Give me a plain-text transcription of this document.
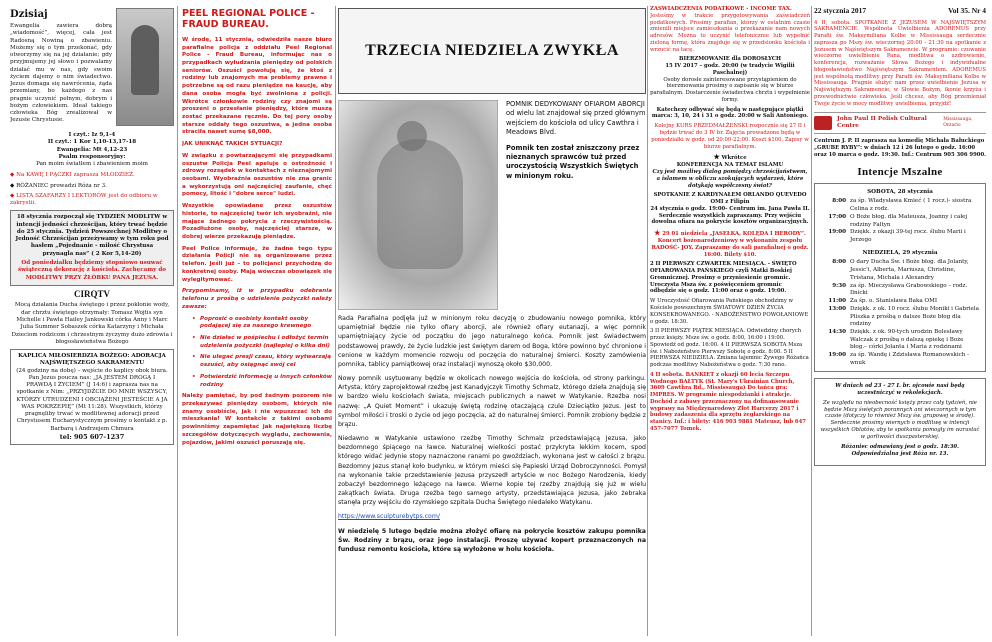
Dzisiaj
Ewangelia zawiera dobrą „wiadomość”, więcej, cała jest Radosną Nowiną o zbawieniu. Możemy się o tym przekonać, gdy otworzymy się na jej działanie; gdy przyjmujemy jej słowo i pozwalamy działać mu w nas, gdy swoim życiem dajemy o nim świadectwo. Jezus domaga się nawrócenia, żąda przemiany, bo każdego z nas pragnie uczynić pełnym, dobrym i bożym człowiekiem. Ideał takiego człowieka Bóg zrealizował w Jezusie Chrystusie.
I czyt.: Iz 9,1-4
II czyt.: 1 Kor 1,10-13,17-18
Ewangelia: Mt 4,12-23
Psalm responsoryjny:
Pan moim światłem i zbawieniem moim

◆ Na KAWĘ I PĄCZKI zaprasza MŁODZIEŻ.

◆ RÓŻANIEC prowadzi Róża nr 3.

◆ LISTA SZAFARZY I LEKTORÓW jest do odbioru w zakrystii.

18 stycznia rozpoczął się TYDZIEŃ MODLITW w intencji jedności chrześcijan, który trwać będzie do 25 stycznia. Tydzień Powszechnej Modlitwy o Jedność Chrześcijan przeżywamy w tym roku pod hasłem „Pojednanie - miłość Chrystusa przynagla nas” ( 2 Kor 5,14-20)
Od poniedziałku będziemy stopniowo usuwać świąteczną dekorację z kościoła. Zachęcamy do MODLITWY PRZY ŻŁÓBKU PANA JEZUSA.
CIRQTV
Mocą działania Ducha świętego i przez pokłonie wody, dar chrztu świętego otrzymały: Tomasz Wojtis syn Michelle i Pawła Hailey Jankowski córka Anny i Marc Julia Summer Sobaszek córka Katarzyny i Michała Dzieciom rodzicom i chrzestnym życzymy dużo zdrowia i błogosławieństwa Bożego
KAPLICA MIŁOSIERDZIA BOŻEGO: ADORACJA NAJŚWIĘTSZEGO SAKRAMENTU
(24 godziny na dobę) – wejście do kaplicy obok biura. Pan Jezus poucza nas: „JA JESTEM DROGĄ I PRAWDĄ I ŻYCIEM” (J 14:6) i zaprasza nas na spotkanie z Nim: „PRZYJDŹCIE DO MNIE WSZYSCY, KTÓRZY UTRUDZENI I OBCIĄŻENI JESTEŚCIE A JA WAS POKRZEPIĘ” (Mt 11:28). Wszystkich, którzy pragnęliby trwać w modlitewnej adoracji przed Chrystusem Eucharystycznym prosimy o kontakt z p. Barbarą i Andrzejem Chmura
tel: 905 607-1237
PEEL REGIONAL POLICE - FRAUD BUREAU.

W środę, 11 stycznia, odwiedziła nasze biuro parafialne policja z oddziału Peel Regional Police - Fraud Bureau, informując nas o przypadkach wyłudzania pieniędzy od polskich seniorów. Oszuści powołują się, że ktoś z rodziny lub znajomych ma problemy prawne i potrzebne są od razu pieniądze na kaucję, aby dana osoba mogła być zwolniona z policji. Wkrótce członkowie rodziny czy znajomi są proszeni o przesłanie pieniędzy, które muszą zostać przekazane ręcznie. Do tej pory osoby starsze oddały tego oszustwa, a jedna osoba straciła nawet sumę $8,000.

JAK UNIKNĄĆ TAKICH SYTUACJI?

W związku z powtarzającymi się przypadkami oszustw Policja Peel apeluje o ostrożność i zdrowy rozsądek w kontaktach z nieznajomymi osobami. Wyobraźnia oszustów nie zna granic a wykorzystują oni najczęściej zaufanie, chęć pomocy, litość i "dobre serce" ludzi.

Wszystkie opowiadane przez oszustów historie, to najczęściej twór ich wyobraźni, nie mające żadnego pokrycia z rzeczywistością. Pozadłużone osoby, najczęściej starsze, w dobrej wierze przekazują pieniądze.

Peel Police informuje, że żadne tego typu działania Policji nie są organizowane przez telefon. Jeśli już – to policjanci przychodzą do konkretnej osoby. Mają wówczas obowiązek się wylegitymować.

Przypominamy, iż w przypadku odebrania telefonu z prośbą o udzielenie pożyczki należy zawsze:

• Poprosić o osobisty kontakt osoby podającej się za naszego krewnego
• Nie działać w pośpiechu i odłożyć termin udzielenia pożyczki (najlepiej o kilka dni)
• Nie ulegać presji czasu, który wytwarzają oszuści, aby osiągnąć swój cel
• Potwierdzić informację u innych członków rodziny

Należy pamiętać, by pod żadnym pozorem nie przekazywać pieniędzy osobom, których nie znamy osobiście, jak i nie wpuszczać ich do mieszkania! W kontakcie z takimi osobami powinniśmy zapamiętać jak największą liczbę szczegółów dotyczących wyglądu, zachowania, pojazdów, jakimi oszuści poruszają się.

TRZECIA NIEDZIELA ZWYKŁA

POMNIK DEDYKOWANY OFIAROM ABORCJI od wielu lat znajdował się przed głównym wejściem do kościoła od ulicy Cawthra i Meadows Blvd.

Pomnik ten został zniszczony przez nieznanych sprawców tuż przed uroczystością Wszystkich Świętych w minionym roku.

Rada Parafialna podjęła już w minionym roku decyzję o zbudowaniu nowego pomnika, który upamiętniał będzie nie tylko ofiary aborcji, ale również ofiary eutanazji, a więc pomnik upamiętniający życie od początku do jego naturalnego końca. Pomnik jest świadectwem podstawowej prawdy, że życie ludzkie jest świętym darem od Boga, które powinno być chronione i cenione w każdym momencie rozwoju od poczęcia do naturalnej śmierci. Koszty zamówienia pomnika, tablicy pamiątkowej oraz instalacji wynoszą około $30,000.

Nowy pomnik usytuowany będzie w okolicach nowego wejścia do kościoła, od strony parkingu. Artysta, który zaprojektował rzeźbę jest Kanadyjczyk Timothy Schmalz, którego dzieła znajdują się w bardzo wielu kościołach świata, miejscach publicznych a nawet w Watykanie. Rzeźba nosi nazwę: „A Quiet Moment” i ukazuję świętą rodzinę otaczającą czule Dzieciątko Jezus. Jest to symbol miłości i troski o życie od jego poczęcia, aż do naturalnej śmierci. Pomnik zrobiony będzie z brązu.

Niedawno w Watykanie ustawiono rzeźbę Timothy Schmalz przedstawiającą Jezusa, jako bezdomnego śpiącego na ławce. Naturalnej wielkości postać przykryta lekkim kocem, spod którego widać jedynie stopy naznaczone ranami po gwoździach, wykonana jest w całości z brązu. Bezdomny Jezus stanął koło budynku, w którym mieści się Papieski Urząd Dobroczynności. Pomysł na wykonanie takie przedstawienie Jezusa przyszedł artyście w noc Bożego Narodzenia, kiedy zobaczył bezdomnego leżącego na ławce. Wierne kopie tej rzeźby znajdują się już w wielu zakątkach świata. Druga rzeźba tego samego artysty, przedstawiająca Jezusa, jako żebraka stanęła przy wejściu do rzymskiego szpitala Ducha Świętego niedaleko Watykanu.

https://www.sculpturebytps.com/

W niedzielę 5 lutego będzie można złożyć ofiarę na pokrycie kosztów zakupu pomnika Św. Rodziny z brązu, oraz jego instalacji. Proszę używać kopert przeznaczonych na fundusz remontu kościoła, które są wyłożone w holu kościoła.

ZAŚWIADCZENIA PODATKOWE - INCOME TAX.

Jesteśmy w trakcie przygotowywania zaświadczeń podatkowych. Prosimy parafian, którzy w ostatnim czasie zmienili miejsce zamieszkania o przekazanie nam nowych adresów. Można to uczynić telefonicznie lub wypełnić zieloną formę, która znajduje się w przedsionku kościoła i wrzucić na tacę.

BIERZMOWANIE dla DOROSŁYCH
15 IV 2017 – godz. 20:00 (w tradycie Wigilii Paschalnej)

Osoby dorosłe zainteresowane przystąpieniem do bierzmowania prosimy o zapisanie się w biurze parafialnym. Dostarczenie świadectwa chrztu i wypełnienie formy.

Katechezy odbywać się będą w następujące piątki marca: 3, 10, 24 i 31 o godz. 20:00 w Sali Antoniego.

Kolejny KURS PRZEDMAŁŻEŃSKI rozpocznie się 27 II i będzie trwać do 3 IV br. Zajęcia prowadzone będą w poniedziałki w godz. od 20:00-22:00. Koszt $100. Zapisy w biurze parafialnym.

★ Wkrótce
KONFERENCJA NA TEMAT ISLAMU

Czy jest możliwy dialog pomiędzy chrześcijaństwem, a islamem w obliczu szokujących wydarzeń, które dotykają współczesny świat?

SPOTKANIE Z KARDYNAŁEM ORLANDO QUEVEDO OMI z Filipin

24 stycznia o godz. 19:00- Centrum im. Jana Pawła II. Serdecznie wszystkich zapraszamy. Przy wejściu dowolna ofiara na pokrycie kosztów organizacyjnych.

★ 29 01 niedziela „JASEŁKA, KOLĘDA I HERODY”. Koncert bożonarodzeniowy w wykonaniu zespołu RADOŚĆ- JOY. Zapraszamy do sali parafialnej o godz. 16:00. Bilety $10.

2 II PIERWSZY CZWARTEK MIESIĄCA. - ŚWIĘTO OFIAROWANIA PAŃSKIEGO czyli Matki Boskiej Gromnicznej. Prosimy o przyniesienie gromnic. Uroczysta Msza św. z poświęceniem gromnic odbędzie się o godz. 11:00 oraz o godz. 19:00.

W Uroczystość Ofiarowania Pańskiego obchodzimy w Kościele powszechnym ŚWIATOWY DZIEŃ ŻYCIA KONSEKROWANEGO. - NABOŻEŃSTWO POWOŁANIOWE o godz. 18:30.

3 II PIERWSZY PIĄTEK MIESIĄCA. Odwiedziny chorych przez księży. Msze św. o godz. 8:00, 16:00 i 19:00. Spowiedź od godz. 16:00. 4 II PIERWSZA SOBOTA Msza św. i Nabożeństwo Pierwszy Sobotę o godz. 8:00. 5 II PIERWSZA NIEDZIELA. Zmiana tajemnic Żywego Różańca podczas modlitwy Nabożeństwa o godz. 7:30 rano.

4 II sobota. BANKIET z okazji 60 lecia Szczepu Wodnego BAŁTYK (St. Mary's Ukrainian Church, 3609 Cawthra Rd., Mississauga) Do tańca gra: IMPRES. W programie niespodzianki i atrakcje. Dochód z zabawy przeznaczony na dofinansowanie wyprawy na Międzynarodowy Zlot Harcerzy 2017 i budowy zadaszenia dla sprzętu żeglarskiego na stanicy. Inf.: i bilety: 416 903 9881 Mateusz, lub 647 457-7077 Tomek.

22 stycznia 2017	Vol 35. Nr 4

4 II, sobota. SPOTKANIE Z JEZUSEM W NAJŚWIĘTSZYM SAKRAMENCIE. Wspólnota Uwielbienia ADOREMUS przy Parafii św. Maksymiliana Kolbe w Mississauga serdecznie zaprasza po Mszy św. wieczornej 20:00 - 21:30 na spotkanie z Jezusem w Najświętszym Sakramencie. W programie: czuwanie wieczorne uwielbienie Pana, modlitwa o uzdrowienie, konferencja, rozważanie Słowa Bożego i indywidualne błogosławieństwo Najświętszym Sakramentem. ADOREMUS jest wspólnotą modlitwy przy Parafii św. Maksymiliana Kolbe w Mississauga. Pragnie służyć nam przez uwielbienie Jezusa w Najświętszym Sakramencie, w Słowie Bożym, ikonie krzyża i przewodnictwie człowieka. Jeśli chcesz, aby Bóg przemieniał Twoje życie w mocy modlitwy uwielbienia, przyjdź!

John Paul II Polish Cultural Centre
Mississauga, Ontario

Centrum J. P. II zaprasza na komedię Michała Bałuckiego „GRUBE RYBY”: w dniach 12 i 26 lutego o godz. 16:00 oraz 10 marca o godz. 19:30. Inf.: Centrum 905 306 9900.

Intencje Mszalne
SOBOTA, 28 stycznia
8:00 za śp. Władysława Kmieć ( 1 rocz.)- siostra Celina z rodz.
17:00 O Boże błog. dla Mateusza, Joanny i całej rodziny Faltyn
19:00 Dziękk. z okazji 39-tej rocz. ślubu Marii i Jerzego
NIEDZIELA, 29 stycznia
8:00 O dary Ducha Św. i Boże błog. dla Jolanty, Jessic'i, Alberta, Mariusza, Christine, Tristana, Michała i Alexandry
9:30 za śp. Mieczysława Grabowskiego – rodz. Ilnicki
11:00 Za śp. o. Stanisława Baka OMI
13:00 Dziękk. z ok. 10 rocz. ślubu Moniki i Gabriela Pliszka z prośbą o dalsze Boże błog dla rodziny
14:30 Dziękk. z ok. 90-tych urodzin Bolesławy Walczak z prośbą o dalszą opiekę i Boże błog.– córki Jolanta i Maria z rodzinami
19:00 za śp. Wandę i Zdzisława Romanowskich - wnuk

W dniach od 23 - 27 I. br. ojcowie nasi będą uczestniczyć w rekolekcjach.

Ze względu na nieobecność księży przez cały tydzień, nie będzie Mszy świętych porannych ani wieczornych w tym czasie (dotyczy to również Mszy św. grupowej w środę). Serdecznie prosimy wiernych o modlitwę w intencji wszystkich Oblatów, aby te spotkania pomogły im wzrastać w gorliwości duszpasterskiej.

Różaniec odmawiany jest o godz. 18:30. Odpowiedzialna jest Róża nr. 13.
